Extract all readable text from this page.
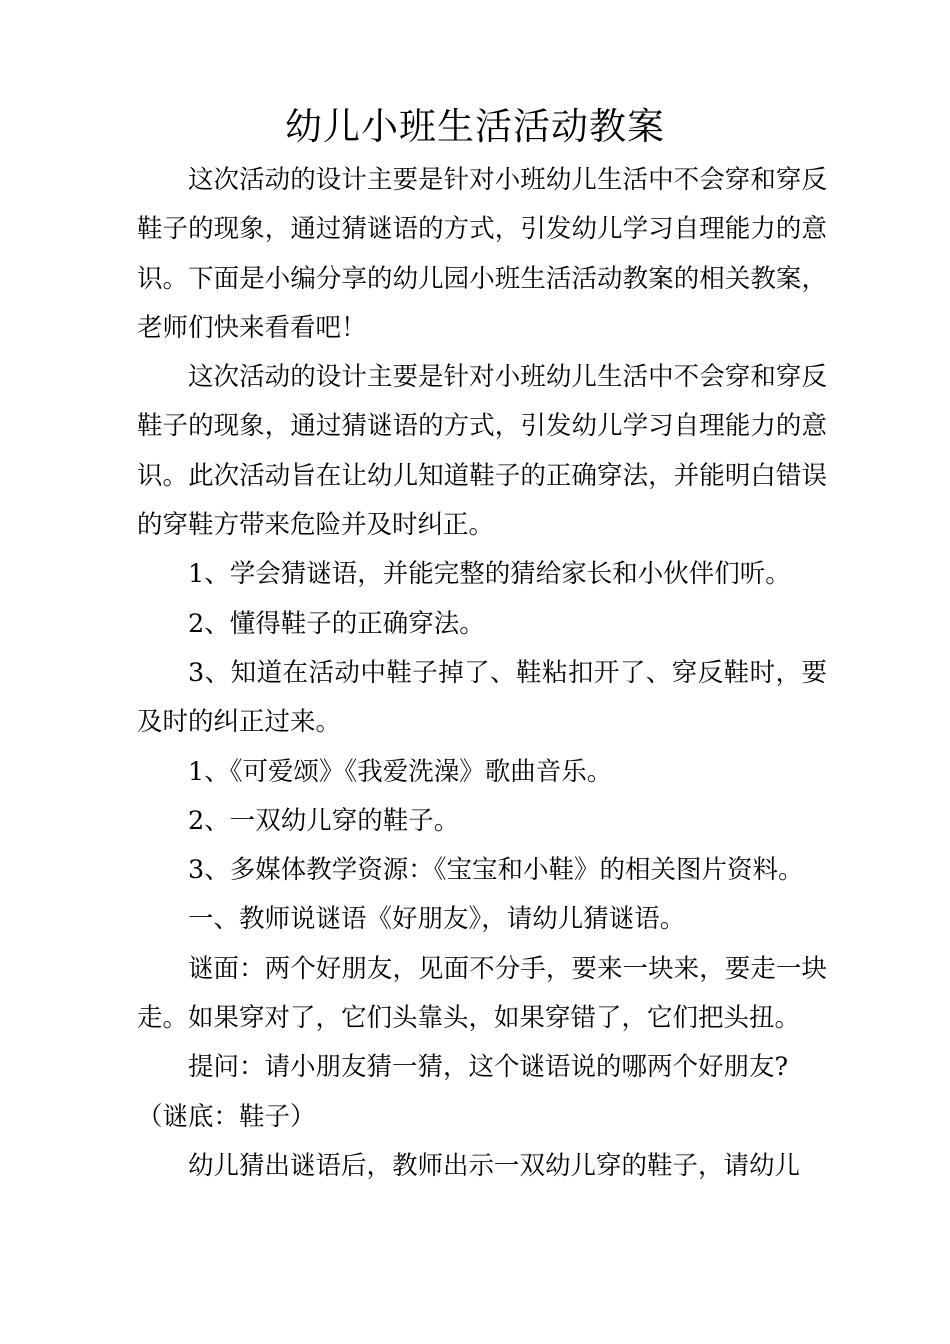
幼儿小班生活活动教案

这次活动的设计主要是针对小班幼儿生活中不会穿和穿反鞋子的现象，通过猜谜语的方式，引发幼儿学习自理能力的意识。下面是小编分享的幼儿园小班生活活动教案的相关教案，老师们快来看看吧！

这次活动的设计主要是针对小班幼儿生活中不会穿和穿反鞋子的现象，通过猜谜语的方式，引发幼儿学习自理能力的意识。此次活动旨在让幼儿知道鞋子的正确穿法，并能明白错误的穿鞋方带来危险并及时纠正。

1、学会猜谜语，并能完整的猜给家长和小伙伴们听。

2、懂得鞋子的正确穿法。

3、知道在活动中鞋子掉了、鞋粘扣开了、穿反鞋时，要及时的纠正过来。

1、《可爱颂》《我爱洗澡》歌曲音乐。

2、一双幼儿穿的鞋子。

3、多媒体教学资源：《宝宝和小鞋》的相关图片资料。

一、教师说谜语《好朋友》，请幼儿猜谜语。

谜面：两个好朋友，见面不分手，要来一块来，要走一块走。如果穿对了，它们头靠头，如果穿错了，它们把头扭。

提问：请小朋友猜一猜，这个谜语说的哪两个好朋友?

（谜底：鞋子）

幼儿猜出谜语后，教师出示一双幼儿穿的鞋子，请幼儿
